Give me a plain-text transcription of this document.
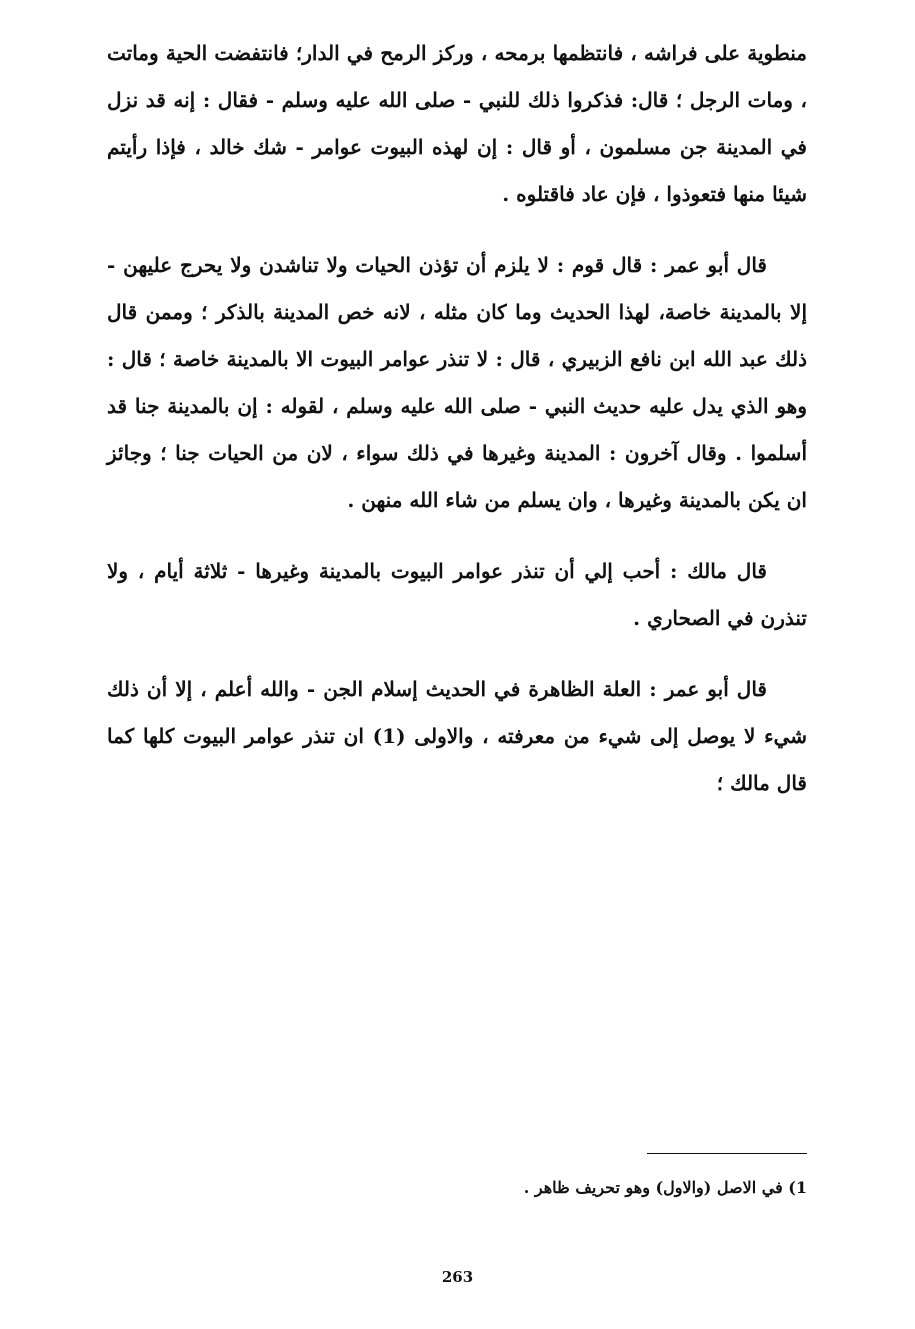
منطوية على فراشه ، فانتظمها برمحه ، وركز الرمح في الدار؛ فانتفضت الحية وماتت ، ومات الرجل ؛ قال: فذكروا ذلك للنبي - صلى الله عليه وسلم - فقال : إنه قد نزل في المدينة جن مسلمون ، أو قال : إن لهذه البيوت عوامر - شك خالد ، فإذا رأيتم شيئا منها فتعوذوا ، فإن عاد فاقتلوه .

قال أبو عمر : قال قوم : لا يلزم أن تؤذن الحيات ولا تناشدن ولا يحرج عليهن - إلا بالمدينة خاصة، لهذا الحديث وما كان مثله ، لانه خص المدينة بالذكر ؛ وممن قال ذلك عبد الله ابن نافع الزبيري ، قال : لا تنذر عوامر البيوت الا بالمدينة خاصة ؛ قال : وهو الذي يدل عليه حديث النبي - صلى الله عليه وسلم ، لقوله : إن بالمدينة جنا قد أسلموا . وقال آخرون : المدينة وغيرها في ذلك سواء ، لان من الحيات جنا ؛ وجائز ان يكن بالمدينة وغيرها ، وان يسلم من شاء الله منهن .

قال مالك : أحب إلي أن تنذر عوامر البيوت بالمدينة وغيرها - ثلاثة أيام ، ولا تنذرن في الصحاري .

قال أبو عمر : العلة الظاهرة في الحديث إسلام الجن - والله أعلم ، إلا أن ذلك شيء لا يوصل إلى شيء من معرفته ، والاولى (1) ان تنذر عوامر البيوت كلها كما قال مالك ؛

1) في الاصل (والاول) وهو تحريف ظاهر .
263
